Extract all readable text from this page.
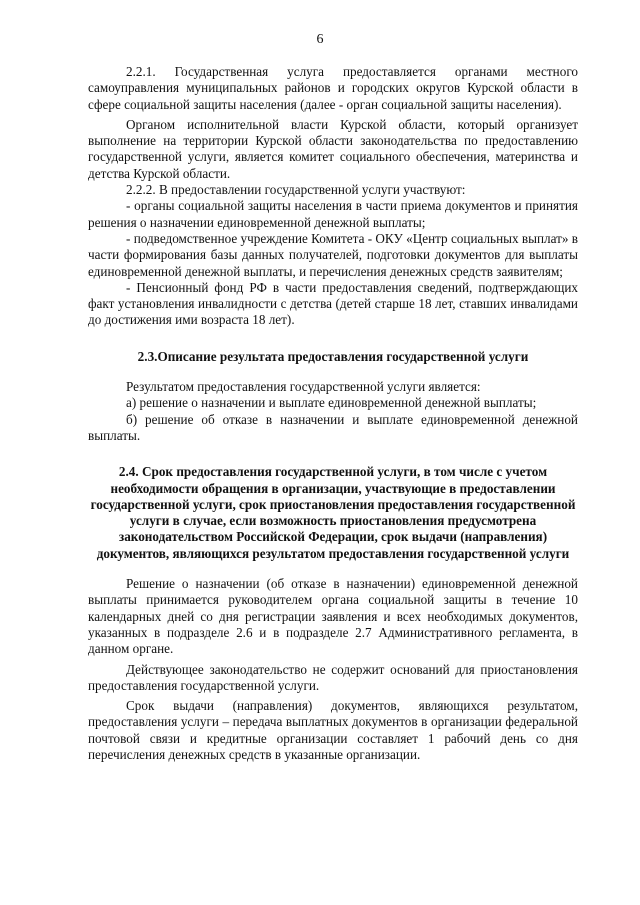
6

2.2.1. Государственная услуга предоставляется органами местного самоуправления муниципальных районов и городских округов Курской области в сфере социальной защиты населения (далее - орган социальной защиты населения).

Органом исполнительной власти Курской области, который организует выполнение на территории Курской области законодательства по предоставлению государственной услуги, является комитет социального обеспечения, материнства и детства Курской области.

2.2.2. В предоставлении государственной услуги участвуют:

- органы социальной защиты населения в части приема документов и принятия решения о назначении единовременной денежной выплаты;

- подведомственное учреждение Комитета - ОКУ «Центр социальных выплат» в части формирования базы данных получателей, подготовки документов для выплаты единовременной денежной выплаты, и перечисления денежных средств заявителям;

- Пенсионный фонд РФ в части предоставления сведений, подтверждающих факт установления инвалидности с детства (детей старше 18 лет, ставших инвалидами до достижения ими возраста 18 лет).

2.3.Описание результата предоставления государственной услуги

Результатом предоставления государственной услуги является:

а) решение о назначении и выплате единовременной денежной выплаты;

б) решение об отказе в назначении и выплате единовременной денежной выплаты.

2.4. Срок предоставления государственной услуги, в том числе с учетом необходимости обращения в организации, участвующие в предоставлении государственной услуги, срок приостановления предоставления государственной услуги в случае, если возможность приостановления предусмотрена законодательством Российской Федерации, срок выдачи (направления) документов, являющихся результатом предоставления государственной услуги

Решение о назначении (об отказе в назначении) единовременной денежной выплаты принимается руководителем органа социальной защиты в течение 10 календарных дней со дня регистрации заявления и всех необходимых документов, указанных в подразделе 2.6 и в подразделе 2.7 Административного регламента, в данном органе.

Действующее законодательство не содержит оснований для приостановления предоставления государственной услуги.

Срок выдачи (направления) документов, являющихся результатом, предоставления услуги – передача выплатных документов в организации федеральной почтовой связи и кредитные организации составляет 1 рабочий день со дня перечисления денежных средств в указанные организации.
